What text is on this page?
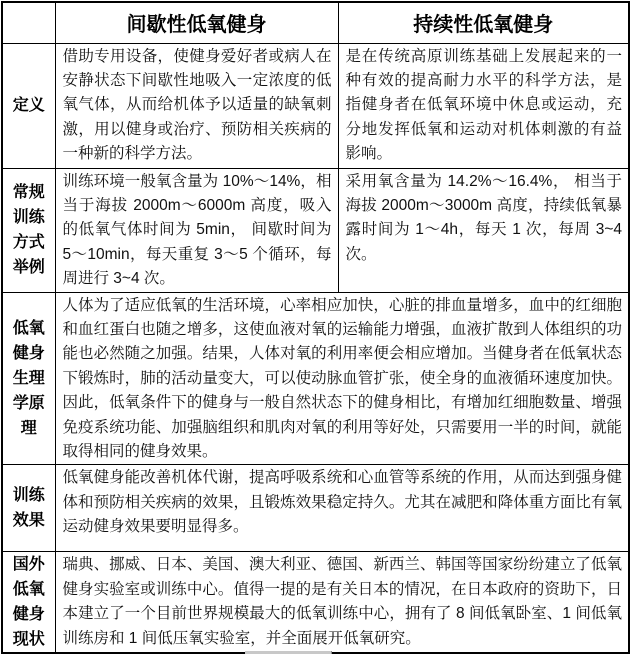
	间歇性低氧健身	持续性低氧健身
定义	借助专用设备，使健身爱好者或病人在安静状态下间歇性地吸入一定浓度的低氧气体，从而给机体予以适量的缺氧刺激，用以健身或治疗、预防相关疾病的一种新的科学方法。	是在传统高原训练基础上发展起来的一种有效的提高耐力水平的科学方法，是指健身者在低氧环境中休息或运动，充分地发挥低氧和运动对机体刺激的有益影响。
常规训练方式举例	训练环境一般氧含量为 10%～14%，相当于海拔 2000m～6000m 高度，吸入的低氧气体时间为 5min， 间歇时间为 5～10min，每天重复 3～5 个循环，每周进行 3~4 次。	采用氧含量为 14.2%～16.4%， 相当于海拔 2000m～3000m 高度，持续低氧暴露时间为 1～4h，每天 1 次，每周 3~4 次。
低氧健身生理学原理	人体为了适应低氧的生活环境，心率相应加快，心脏的排血量增多，血中的红细胞和血红蛋白也随之增多，这使血液对氧的运输能力增强，血液扩散到人体组织的功能也必然随之加强。结果，人体对氧的利用率便会相应增加。当健身者在低氧状态下锻炼时，肺的活动量变大，可以使动脉血管扩张，使全身的血液循环速度加快。因此，低氧条件下的健身与一般自然状态下的健身相比，有增加红细胞数量、增强免疫系统功能、加强脑组织和肌肉对氧的利用等好处，只需要用一半的时间，就能取得相同的健身效果。	
训练效果	低氧健身能改善机体代谢，提高呼吸系统和心血管等系统的作用，从而达到强身健体和预防相关疾病的效果，且锻炼效果稳定持久。尤其在减肥和降体重方面比有氧运动健身效果要明显得多。	
国外低氧健身现状	瑞典、挪威、日本、美国、澳大利亚、德国、新西兰、韩国等国家纷纷建立了低氧健身实验室或训练中心。值得一提的是有关日本的情况，在日本政府的资助下，日本建立了一个目前世界规模最大的低氧训练中心，拥有了 8 间低氧卧室、1 间低氧训练房和 1 间低压氧实验室，并全面展开低氧研究。	
